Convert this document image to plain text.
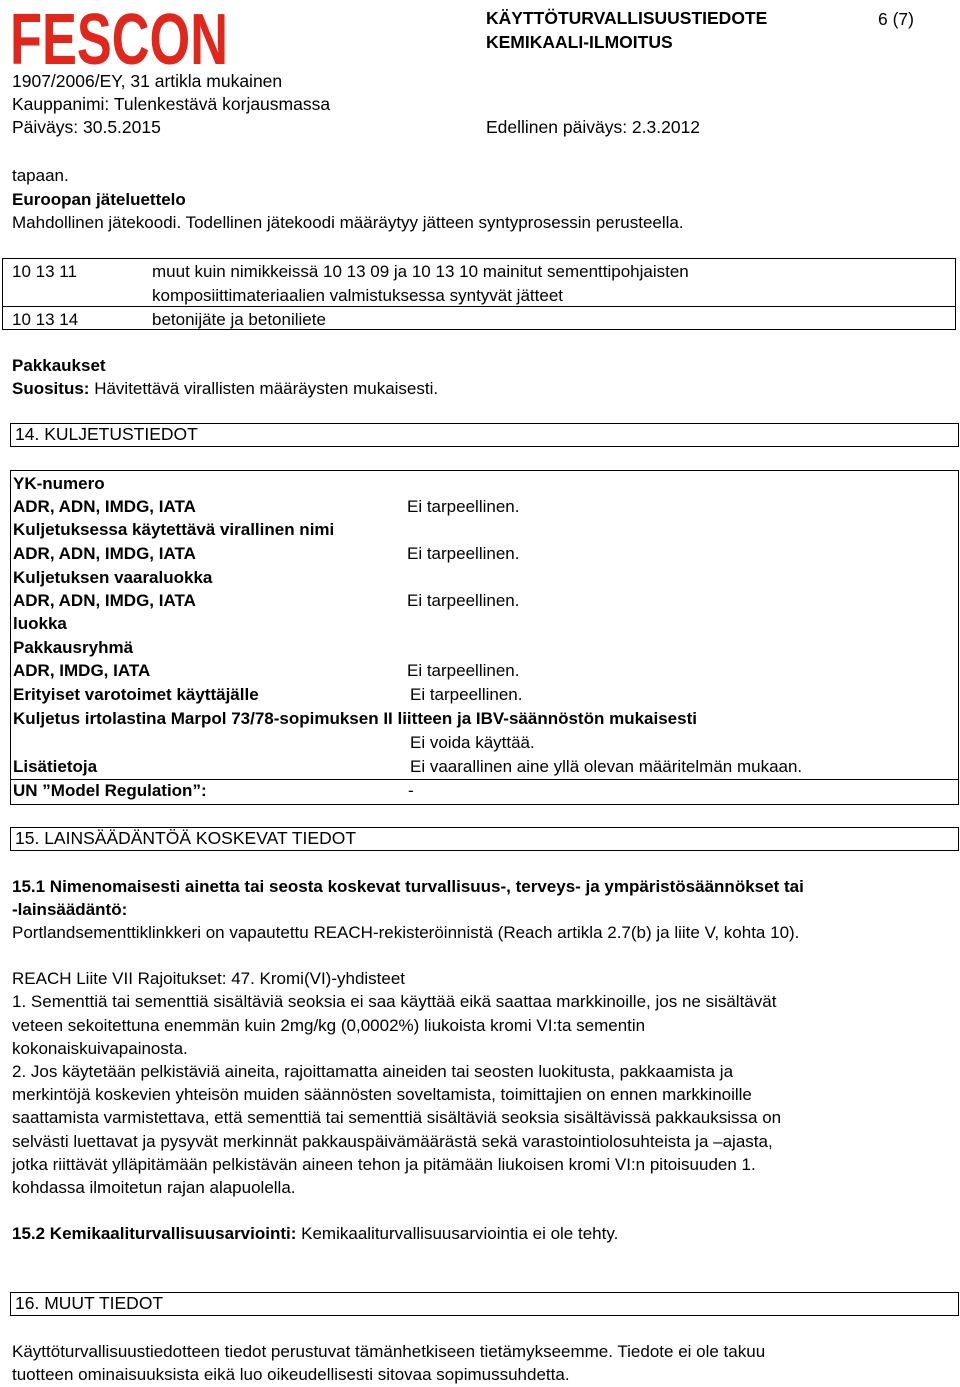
FESCON	KÄYTTÖTURVALLISUUSTIEDOTE
KEMIKAALI-ILMOITUS
6 (7)
1907/2006/EY, 31 artikla mukainen
Kauppanimi: Tulenkestävä korjausmassa
Päiväys: 30.5.2015	Edellinen päiväys: 2.3.2012
tapaan.
Euroopan jäteluettelo
Mahdollinen jätekoodi. Todellinen jätekoodi määräytyy jätteen syntyprosessin perusteella.
10 13 11	muut kuin nimikkeissä 10 13 09 ja 10 13 10 mainitut sementtipohjaisten
komposiittimateriaalien valmistuksessa syntyvät jätteet
10 13 14	betonijäte ja betoniliete
Pakkaukset
Suositus: Hävitettävä virallisten määräysten mukaisesti.
14. KULJETUSTIEDOT
YK-numero
ADR, ADN, IMDG, IATA	Ei tarpeellinen.
Kuljetuksessa käytettävä virallinen nimi
ADR, ADN, IMDG, IATA	Ei tarpeellinen.
Kuljetuksen vaaraluokka
ADR, ADN, IMDG, IATA	Ei tarpeellinen.
luokka
Pakkausryhmä
ADR, IMDG, IATA	Ei tarpeellinen.
Erityiset varotoimet käyttäjälle	Ei tarpeellinen.
Kuljetus irtolastina Marpol 73/78-sopimuksen II liitteen ja IBV-säännöstön mukaisesti
Ei voida käyttää.
Lisätietoja	Ei vaarallinen aine yllä olevan määritelmän mukaan.
UN ”Model Regulation”:	-
15. LAINSÄÄDÄNTÖÄ KOSKEVAT TIEDOT
15.1 Nimenomaisesti ainetta tai seosta koskevat turvallisuus-, terveys- ja ympäristösäännökset tai
-lainsäädäntö:
Portlandsementtiklinkkeri on vapautettu REACH-rekisteröinnistä (Reach artikla 2.7(b) ja liite V, kohta 10).
REACH Liite VII Rajoitukset: 47. Kromi(VI)-yhdisteet
1. Sementtiä tai sementtiä sisältäviä seoksia ei saa käyttää eikä saattaa markkinoille, jos ne sisältävät
veteen sekoitettuna enemmän kuin 2mg/kg (0,0002%) liukoista kromi VI:ta sementin
kokonaiskuivapainosta.
2. Jos käytetään pelkistäviä aineita, rajoittamatta aineiden tai seosten luokitusta, pakkaamista ja
merkintöjä koskevien yhteisön muiden säännösten soveltamista, toimittajien on ennen markkinoille
saattamista varmistettava, että sementtiä tai sementtiä sisältäviä seoksia sisältävissä pakkauksissa on
selvästi luettavat ja pysyvät merkinnät pakkauspäivämäärästä sekä varastointiolosuhteista ja –ajasta,
jotka riittävät ylläpitämään pelkistävän aineen tehon ja pitämään liukoisen kromi VI:n pitoisuuden 1.
kohdassa ilmoitetun rajan alapuolella.
15.2 Kemikaaliturvallisuusarviointi: Kemikaaliturvallisuusarviointia ei ole tehty.
16. MUUT TIEDOT
Käyttöturvallisuustiedotteen tiedot perustuvat tämänhetkiseen tietämykseemme. Tiedote ei ole takuu
tuotteen ominaisuuksista eikä luo oikeudellisesti sitovaa sopimussuhdetta.
